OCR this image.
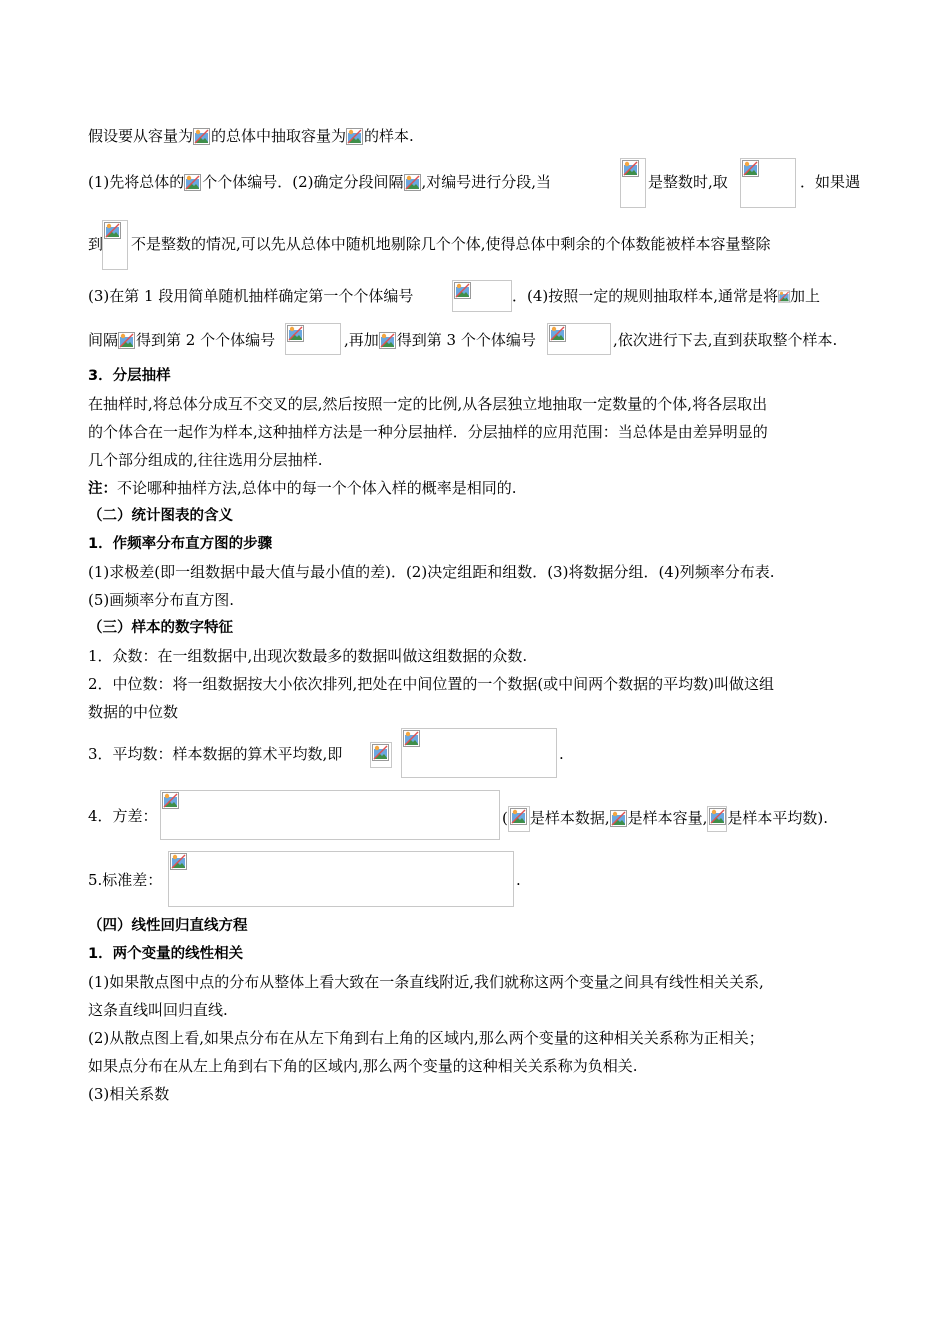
假设要从容量为 的总体中抽取容量为 的样本.
(1)先将总体的 个个体编号．(2)确定分段间隔 ,对编号进行分段,当	是整数时,取	．如果遇
到 不是整数的情况,可以先从总体中随机地剔除几个个体,使得总体中剩余的个体数能被样本容量整除
(3)在第 1 段用简单随机抽样确定第一个个体编号	．(4)按照一定的规则抽取样本,通常是将 加上
间隔 得到第 2 个个体编号	,再加 得到第 3 个个体编号	,依次进行下去,直到获取整个样本.
3．分层抽样
在抽样时,将总体分成互不交叉的层,然后按照一定的比例,从各层独立地抽取一定数量的个体,将各层取出
的个体合在一起作为样本,这种抽样方法是一种分层抽样．分层抽样的应用范围：当总体是由差异明显的
几个部分组成的,往往选用分层抽样.
注：不论哪种抽样方法,总体中的每一个个体入样的概率是相同的.
（二）统计图表的含义
1．作频率分布直方图的步骤
(1)求极差(即一组数据中最大值与最小值的差)．(2)决定组距和组数．(3)将数据分组．(4)列频率分布表.
(5)画频率分布直方图.
（三）样本的数字特征
1．众数：在一组数据中,出现次数最多的数据叫做这组数据的众数.
2．中位数：将一组数据按大小依次排列,把处在中间位置的一个数据(或中间两个数据的平均数)叫做这组
数据的中位数
3．平均数：样本数据的算术平均数,即	.
4．方差：	( 是样本数据, 是样本容量, 是样本平均数).
5.标准差：	.
（四）线性回归直线方程
1．两个变量的线性相关
(1)如果散点图中点的分布从整体上看大致在一条直线附近,我们就称这两个变量之间具有线性相关关系,
这条直线叫回归直线.
(2)从散点图上看,如果点分布在从左下角到右上角的区域内,那么两个变量的这种相关关系称为正相关；
如果点分布在从左上角到右下角的区域内,那么两个变量的这种相关关系称为负相关.
(3)相关系数
